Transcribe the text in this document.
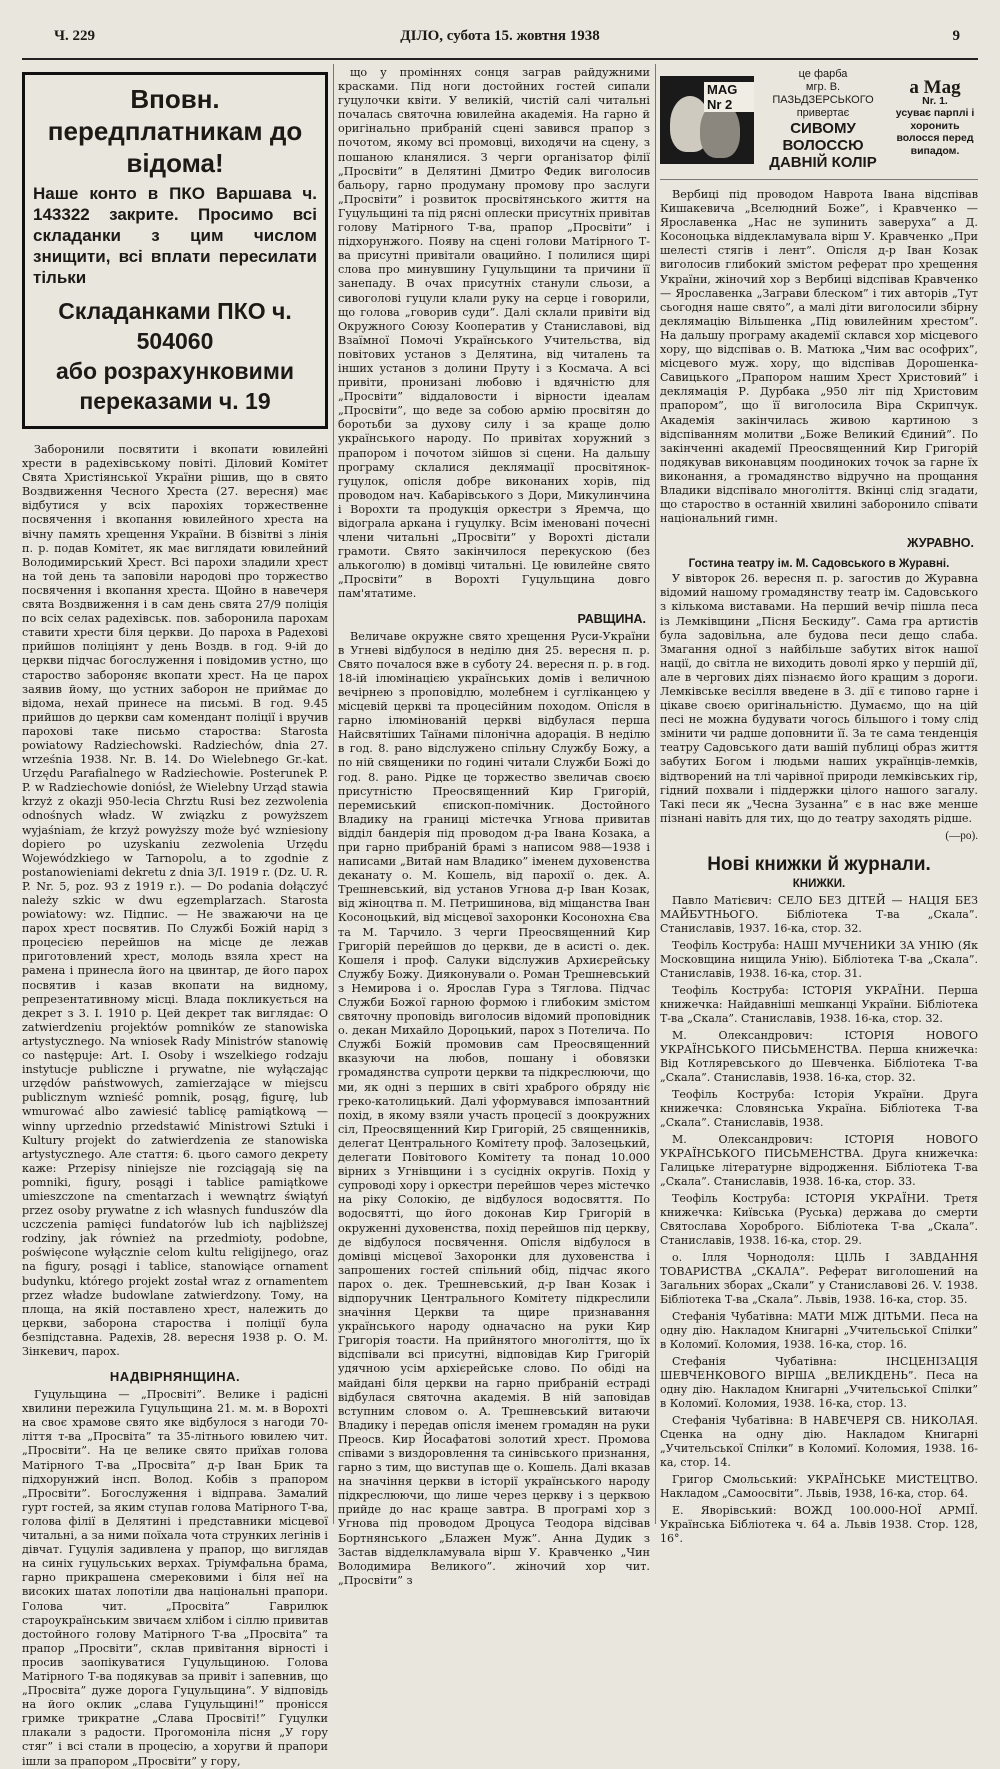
Ч. 229	ДІЛО, субота 15. жовтня 1938	9
Вповн. передплатникам до відома!
Наше конто в ПКО Варшава ч. 143322 закрите. Просимо всі складанки з цим числом знищити, всі вплати пересилати тільки
Складанками ПКО ч. 504060
або розрахунковими переказами ч. 19

Заборонили посвятити і вкопати ювилейні хрести в радехівському повіті. Діловий Комітет Свята Христіянської України рішив, що в свято Воздвиження Чесного Хреста (27. вересня) має відбутися у всіх парохіях торжественне посвячення і вкопання ювилейного хреста на вічну память хрещення України. В бізвітві з лінія п. р. подав Комітет, як має виглядати ювилейний Володимирський Хрест. Всі парохи зладили хрест на той день та заповіли народові про торжество посвячення і вкопання хреста. Щойно в навечеря свята Воздвиження і в сам день свята 27/9 поліція по всіх селах радехівськ. пов. заборонила парохам ставити хрести біля церкви. До пароха в Радехові прийшов поліціянт у день Воздв. в год. 9-ій до церкви підчас богослуження і повідомив устно, що староство забороняє вкопати хрест. На це парох заявив йому, що устних заборон не приймає до відома, нехай принесе на письмі. В год. 9.45 прийшов до церкви сам комендант поліції і вручив парохові таке письмо староства: Starosta powiatowy Radziechowski. Radziechów, dnia 27. września 1938. Nr. B. 14. Do Wielebnego Gr.-kat. Urzędu Parafialnego w Radziechowie. Posterunek P. P. w Radziechowie doniósł, że Wielebny Urząd stawia krzyż z okazji 950-lecia Chrztu Rusi bez zezwolenia odnośnych władz. W związku z powyższem wyjaśniam, że krzyż powyższy może być wzniesiony dopiero po uzyskaniu zezwolenia Urzędu Wojewódzkiego w Tarnopolu, a to zgodnie z postanowieniami dekretu z dnia 3/I. 1919 r. (Dz. U. R. P. Nr. 5, poz. 93 z 1919 r.). — Do podania dołączyć należy szkic w dwu egzemplarzach. Starosta powiatowy: wz. Підпис. — Не зважаючи на це парох хрест посвятив. По Службі Божій нарід з процесією перейшов на місце де лежав приготовлений хрест, молодь взяла хрест на рамена і принесла його на цвинтар, де його парох посвятив і казав вкопати на видному, репрезентативному місці. Влада покликується на декрет з 3. І. 1910 р. Цей декрет так виглядає: O zatwierdzeniu projektów pomników ze stanowiska artystycznego. Na wniosek Rady Ministrów stanowię co następuje: Art. I. Osoby i wszelkiego rodzaju instytucje publiczne i prywatne, nie wyłączając urzędów państwowych, zamierzające w miejscu publicznym wznieść pomnik, posąg, figurę, lub wmurować albo zawiesić tablicę pamiątkową — winny uprzednio przedstawić Ministrowi Sztuki i Kultury projekt do zatwierdzenia ze stanowiska artystycznego. Але стаття: 6. цього самого декрету каже: Przepisy niniejsze nie rozciągają się na pomniki, figury, posągi i tablice pamiątkowe umieszczone na cmentarzach i wewnątrz świątyń przez osoby prywatne z ich własnych funduszów dla uczczenia pamięci fundatorów lub ich najbliższej rodziny, jak również na przedmioty, podobne, poświęcone wyłącznie celom kultu religijnego, oraz na figury, posągi i tablice, stanowiące ornament budynku, którego projekt został wraz z ornamentem przez władze budowlane zatwierdzony. Тому, на площа, на якій поставлено хрест, належить до церкви, заборона староства і поліції була безпідставна. Радехів, 28. вересня 1938 р. О. М. Зінкевич, парох.

НАДВІРНЯНЩИНА.

Гуцульщина — „Просвіті”. Велике і радісні хвилини пережила Гуцульщина 21. м. м. в Ворохті на своє храмове свято яке відбулося з нагоди 70-ліття т-ва „Просвіта” та 35-літнього ювилею чит. „Просвіти”. На це велике свято приїхав голова Матірного Т-ва „Просвіта” д-р Іван Брик та підхорунжий інсп. Волод. Кобів з прапором „Просвіти”. Богослуження і відправа. Замалий гурт гостей, за яким ступав голова Матірного Т-ва, голова філії в Делятині і представники місцевої читальні, а за ними поїхала чота струнких легінів і дівчат. Гуцулія задивлена у прапор, що виглядав на синіх гуцульських верхах. Тріумфальна брама, гарно прикрашена смерековими і біля неї на високих шатах лопотіли два національні прапори. Голова чит. „Просвіта” Гаврилюк староукраїнським звичаєм хлібом і сіллю привитав достойного голову Матірного Т-ва „Просвіта” та прапор „Просвіти”, склав привітання вірності і просив заопікуватися Гуцульщиною. Голова Матірного Т-ва подякував за привіт і запевнив, що „Просвіта” дуже дорога Гуцульщина”. У відповідь на його оклик „слава Гуцульщині!” пронісся гримке трикратне „Слава Просвіті!” Гуцулки плакали з радости. Прогомоніла пісня „У гору стяг” і всі стали в процесію, а хоругви й прапори ішли за прапором „Просвіти” у гору,

що у проміннях сонця заграв райдужними красками. Під ноги достойних гостей сипали гуцулочки квіти. У великій, чистій салі читальні почалась святочна ювилейна академія. На гарно й оригінально прибраній сцені завився прапор з почотом, якому всі промовці, виходячи на сцену, з пошаною кланялися. З черги організатор філії „Просвіти” в Делятині Дмитро Федик виголосив бальору, гарно продуману промову про заслуги „Просвіти” і розвиток просвітянського життя на Гуцульщині та під рясні оплески присутніх привітав голову Матірного Т-ва, прапор „Просвіти” і підхорунжого. Появу на сцені голови Матірного Т-ва присутні привітали овацийно. І полилися щирі слова про минувшину Гуцульщини та причини її занепаду. В очах присутніх станули сльози, а сивоголові гуцули клали руку на серце і говорили, що голова „говорив суди”. Далі склали привіти від Окружного Союзу Кооператив у Станиславові, від Взаїмної Помочі Українського Учительства, від повітових установ з Делятина, від читалень та інших установ з долини Пруту і з Космача. А всі привіти, пронизані любовю і вдячністю для „Просвіти” віддаловости і вірности ідеалам „Просвіти”, що веде за собою армію просвітян до боротьби за духову силу і за краще долю українського народу. По привітах хоружний з прапором і почотом зійшов зі сцени. На дальшу програму склалися деклямації просвітянок-гуцулок, опісля добре виконаних хорів, під проводом нач. Кабарівського з Дори, Микулинчина і Ворохти та продукція оркестри з Яремча, що відограла аркана і гуцулку. Всім іменовані почесні члени читальні „Просвіти” у Ворохті дістали грамоти. Свято закінчилося перекускою (без алькоголю) в домівці читальні. Це ювилейне свято „Просвіти” в Ворохті Гуцульщина довго пам'ятатиме.

РАВЩИНА.

Величаве окружне свято хрещення Руси-України в Угневі відбулося в неділю дня 25. вересня п. р. Свято почалося вже в суботу 24. вересня п. р. в год. 18-ій ілюмінацією українських домів і величною вечірнею з проповідлю, молебнем і сугліканцею у місцевій церкві та процесійним походом. Опісля в гарно ілюмінованій церкві відбулася перша Найсвятіших Таїнами пілонічна адорація. В неділю в год. 8. рано відслужено спільну Службу Божу, а по ній священики по годині читали Служби Божі до год. 8. рано. Рідке це торжество звеличав своєю присутністю Преосвященний Кир Григорій, перемиський єпископ-помічник. Достойного Владику на границі містечка Угнова привитав відділ бандерія під проводом д-ра Івана Козака, а при гарно прибраній брамі з написом 988—1938 і написами „Витай нам Владико” іменем духовенства деканату о. М. Кошель, від парохії о. дек. А. Трешневський, від установ Угнова д-р Іван Козак, від жіноцтва п. М. Петришинова, від міщанства Іван Косоноцький, від місцевої захоронки Косонохна Єва та М. Тарчило. З черги Преосвященний Кир Григорій перейшов до церкви, де в асисті о. дек. Кошеля і проф. Салуки відслужив Архиєрейську Службу Божу. Дияконували о. Роман Трешневський з Немирова і о. Ярослав Гура з Тяглова. Підчас Служби Божої гарною формою і глибоким змістом святочну проповідь виголосив відомий проповідник о. декан Михайло Дороцький, парох з Потелича. По Службі Божій промовив сам Преосвященний вказуючи на любов, пошану і обовязки громадянства супроти церкви та підкреслюючи, що ми, як одні з перших в світі храброго обряду ніє греко-католицький. Далі уформувався імпозантний похід, в якому взяли участь процесії з доокружних сіл, Преосвященний Кир Григорій, 25 священників, делегат Центрального Комітету проф. Залозецький, делегати Повітового Комітету та понад 10.000 вірних з Угнівщини і з сусідніх округів. Похід у супроводі хору і оркестри перейшов через містечко на ріку Солокію, де відбулося водосвяття. По водосвятті, що його доконав Кир Григорій в окруженні духовенства, похід перейшов під церкву, де відбулося посвячення. Опісля відбулося в домівці місцевої Захоронки для духовенства і запрошених гостей спільний обід, підчас якого парох о. дек. Трешневський, д-р Іван Козак і відпоручник Центрального Комітету підкреслили значіння Церкви та щире признавання українського народу одначасно на руки Кир Григорія тоасти. На прийнятого многоліття, що їх відспівали всі присутні, відповідав Кир Григорій удячною усім архієрейське слово. По обіді на майдані біля церкви на гарно прибраній естраді відбулася святочна академія. В ній заповідав вступним словом о. А. Трешневський витаючи Владику і передав опісля іменем громадян на руки Преосв. Кир Йосафатові золотий хрест. Промова співами з виздоровлення та синівського признання, гарно з тим, що виступав ще о. Кошель. Далі вказав на значіння церкви в історії українського народу підкреслюючи, що лише через церкву і з церквою прийде до нас краще завтра. В програмі хор з Угнова під проводом Дроцуса Теодора відсівав Бортнянського „Блажен Муж”. Анна Дудик з Застав відделкламувала вірш У. Кравченко „Чин Володимира Великого”. жіночий хор чит. „Просвіти” з

MAG Nr 2
це фарба
мгр. В. ПАЗЬДЗЕРСЬКОГО
привертає
СИВОМУ ВОЛОССЮ
ДАВНІЙ КОЛІР
а Mag
Nr. 1.
усуває парплі і хоронить волосся перед випадом.

Вербиці під проводом Наврота Івана відспівав Кишакевича „Вселюдний Боже”, і Кравченко — Ярославенка „Нас не зупинить заверуха” а Д. Косоноцька віддекламувала вірш У. Кравченко „При шелесті стягів і лент”. Опісля д-р Іван Козак виголосив глибокий змістом реферат про хрещення України, жіночий хор з Вербиці відспівав Кравченко — Ярославенка „Заграви блеском” і тих авторів „Тут сьогодня наше свято”, а малі діти виголосили збірну деклямацію Вільшенка „Під ювилейним хрестом”. На дальшу програму академії склався хор місцевого хору, що відспівав о. В. Матюка „Чим вас ософрих”, місцевого муж. хору, що відспівав Дорошенка-Савицького „Прапором нашим Хрест Христовий” і деклямація Р. Дурбака „950 літ під Христовим прапором”, що її виголосила Віра Скрипчук. Академія закінчилась живою картиною з відспіванням молитви „Боже Великий Єдиний”. По закінченні академії Преосвященний Кир Григорій подякував виконавцям поодиноких точок за гарне їх виконання, а громадянство відручно на прощання Владики відспівало многоліття. Вкінці слід згадати, що староство в останній хвилині заборонило співати національний гимн.

ЖУРАВНО.
Гостина театру ім. М. Садовського в Журавні.

У вівторок 26. вересня п. р. загостив до Журавна відомий нашому громадянству театр ім. Садовського з кількома виставами. На перший вечір пішла песа із Лемківщини „Пісня Бескиду”. Сама гра артистів була задовільна, але будова песи дещо слаба. Змагання одної з найбільше забутих віток нашої нації, до світла не виходить доволі ярко у першій дії, але в чергових діях пізнаємо його кращим з дороги. Лемківське весілля введене в 3. дії є типово гарне і цікаве своєю оригінальністю. Думаємо, що на цій песі не можна будувати чогось більшого і тому слід змінити чи радше доповнити її. За те сама тенденція театру Садовського дати вашій публиці образ життя забутих Богом і людьми наших українців-лемків, відтворений на тлі чарівної природи лемківських гір, гідний похвали і піддержки цілого нашого загалу. Такі песи як „Чесна Зузанна” є в нас вже менше пізнані навіть для тих, що до театру заходять рідше.

(—ро).
Нові книжки й журнали.
КНИЖКИ.

Павло Матієвич: СЕЛО БЕЗ ДІТЕЙ — НАЦІЯ БЕЗ МАЙБУТНЬОГО. Бібліотека Т-ва „Скала”. Станиславів, 1937. 16-ка, стор. 32.

Теофіль Коструба: НАШІ МУЧЕНИКИ ЗА УНІЮ (Як Московщина нищила Унію). Бібліотека Т-ва „Скала”. Станиславів, 1938. 16-ка, стор. 31.

Теофіль Коструба: ІСТОРІЯ УКРАЇНИ. Перша книжечка: Найдавніші мешканці України. Бібліотека Т-ва „Скала”. Станиславів, 1938. 16-ка, стор. 32.

М. Олександрович: ІСТОРІЯ НОВОГО УКРАЇНСЬКОГО ПИСЬМЕНСТВА. Перша книжечка: Від Котляревського до Шевченка. Бібліотека Т-ва „Скала”. Станиславів, 1938. 16-ка, стор. 32.

Теофіль Коструба: Історія України. Друга книжечка: Словянська Україна. Бібліотека Т-ва „Скала”. Станиславів, 1938.

М. Олександрович: ІСТОРІЯ НОВОГО УКРАЇНСЬКОГО ПИСЬМЕНСТВА. Друга книжечка: Галицьке літературне відродження. Бібліотека Т-ва „Скала”. Станиславів, 1938. 16-ка, стор. 33.

Теофіль Коструба: ІСТОРІЯ УКРАЇНИ. Третя книжечка: Київська (Руська) держава до смерти Святослава Хороброго. Бібліотека Т-ва „Скала”. Станиславів, 1938. 16-ка, стор. 29.

о. Ілля Чорнодоля: ЦІЛЬ І ЗАВДАННЯ ТОВАРИСТВА „СКАЛА”. Реферат виголошений на Загальних зборах „Скали” у Станиславові 26. V. 1938. Бібліотека Т-ва „Скала”. Львів, 1938. 16-ка, стор. 35.

Стефанія Чубатівна: МАТИ МІЖ ДІТЬМИ. Песа на одну дію. Накладом Книгарні „Учительської Спілки” в Коломиї. Коломия, 1938. 16-ка, стор. 16.

Стефанія Чубатівна: ІНСЦЕНІЗАЦІЯ ШЕВЧЕНКОВОГО ВІРША „ВЕЛИКДЕНЬ”. Песа на одну дію. Накладом Книгарні „Учительської Спілки” в Коломиї. Коломия, 1938. 16-ка, стор. 13.

Стефанія Чубатівна: В НАВЕЧЕРЯ СВ. НИКОЛАЯ. Сценка на одну дію. Накладом Книгарні „Учительської Спілки” в Коломиї. Коломия, 1938. 16-ка, стор. 14.

Григор Смольський: УКРАЇНСЬКЕ МИСТЕЦТВО. Накладом „Самоосвіти”. Львів, 1938, 16-ка, стор. 64.

Е. Яворівський: ВОЖД 100.000-НОЇ АРМІЇ. Українська Бібліотека ч. 64 а. Львів 1938. Стор. 128, 16°.
